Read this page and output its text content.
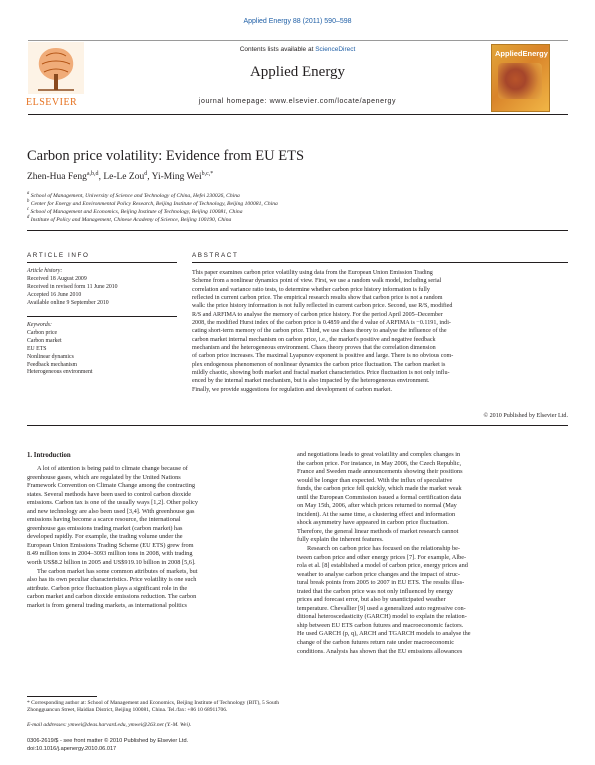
Applied Energy 88 (2011) 590–598
ELSEVIER
Contents lists available at ScienceDirect
Applied Energy
journal homepage: www.elsevier.com/locate/apenergy
AppliedEnergy
Carbon price volatility: Evidence from EU ETS
Zhen-Hua Feng$^{a,b,d}$, Le-Le Zou$^d$, Yi-Ming Wei$^{b,c,*}$
$^a$ School of Management, University of Science and Technology of China, Hefei 230026, China
$^b$ Center for Energy and Environmental Policy Research, Beijing Institute of Technology, Beijing 100081, China
$^c$ School of Management and Economics, Beijing Institute of Technology, Beijing 100081, China
$^d$ Institute of Policy and Management, Chinese Academy of Science, Beijing 100190, China
ARTICLE INFO	ABSTRACT
Article history:
Received 18 August 2009
Received in revised form 11 June 2010
Accepted 16 June 2010
Available online 9 September 2010
Keywords:
Carbon price
Carbon market
EU ETS
Nonlinear dynamics
Feedback mechanism
Heterogeneous environment
This paper examines carbon price volatility using data from the European Union Emission Trading
Scheme from a nonlinear dynamics point of view. First, we use a random walk model, including serial
correlation and variance ratio tests, to determine whether carbon price history information is fully
reflected in current carbon price. The empirical research results show that carbon price is not a random
walk: the price history information is not fully reflected in current carbon price. Second, use R/S, modified
R/S and ARFIMA to analyse the memory of carbon price history. For the period April 2005–December
2008, the modified Hurst index of the carbon price is 0.4859 and the d value of ARFIMA is −0.1191, indi-
cating short-term memory of the carbon price. Third, we use chaos theory to analyse the influence of the
carbon market internal mechanism on carbon price, i.e., the market's positive and negative feedback
mechanism and the heterogeneous environment. Chaos theory proves that the correlation dimension
of carbon price increases. The maximal Lyapunov exponent is positive and large. There is no obvious com-
plex endogenous phenomenon of nonlinear dynamics the carbon price fluctuation. The carbon market is
mildly chaotic, showing both market and fractal market characteristics. Price fluctuation is not only influ-
enced by the internal market mechanism, but is also impacted by the heterogeneous environment.
Finally, we provide suggestions for regulation and development of carbon market.
© 2010 Published by Elsevier Ltd.
1. Introduction
A lot of attention is being paid to climate change because of
greenhouse gases, which are regulated by the United Nations
Framework Convention on Climate Change among the contracting
states. Several methods have been used to control carbon dioxide
emissions. Carbon tax is one of the usually ways [1,2]. Other policy
and new technology are also been used [3,4]. With greenhouse gas
emissions having become a scarce resource, the international
greenhouse gas emissions trading market (carbon market) has
developed rapidly. For example, the trading volume under the
European Union Emissions Trading Scheme (EU ETS) grew from
8.49 million tons in 2004–3093 million tons in 2008, with trading
worth US$8.2 billion in 2005 and US$919.10 billion in 2008 [5,6].
The carbon market has some common attributes of markets, but
also has its own peculiar characteristics. Price volatility is one such
attribute. Carbon price fluctuation plays a significant role in the
carbon market and carbon dioxide emissions reduction. The carbon
market is from general trading markets, as international politics
and negotiations leads to great volatility and complex changes in
the carbon price. For instance, in May 2006, the Czech Republic,
France and Sweden made announcements showing their positions
would be longer than expected. With the influx of speculative
funds, the carbon price fell quickly, which made the market weak
until the European Commission issued a formal certification data
on May 15th, 2006, after which prices returned to normal (May
incident). At the same time, a clustering effect and information
shock asymmetry have appeared in carbon price fluctuation.
Therefore, the general linear methods of market research cannot
fully explain the inherent features.
Research on carbon price has focused on the relationship be-
tween carbon price and other energy prices [7]. For example, Albe-
rola et al. [8] established a model of carbon price, energy prices and
weather to analyse carbon price changes and the impact of struc-
tural break points from 2005 to 2007 in EU ETS. The results illus-
trated that the carbon price was not only influenced by energy
prices and forecast error, but also by unanticipated weather
temperature. Chevallier [9] used a generalized auto regressive con-
ditional heteroscedasticity (GARCH) model to explain the relation-
ship between EU ETS carbon futures and macroeconomic factors.
He used GARCH (p, q), ARCH and TGARCH models to analyse the
change of the carbon futures return rate under macroeconomic
conditions. Analysis has shown that the EU emissions allowances
* Corresponding author at: School of Management and Economics, Beijing Institute of Technology (BIT), 5 South Zhongguancun Street, Haidian District, Beijing 100081, China. Tel./fax: +86 10 68911706.
E-mail addresses: ymwei@deas.harvard.edu, ymwei@263.net (Y.-M. Wei).
0306-2619/$ - see front matter © 2010 Published by Elsevier Ltd.
doi:10.1016/j.apenergy.2010.06.017
